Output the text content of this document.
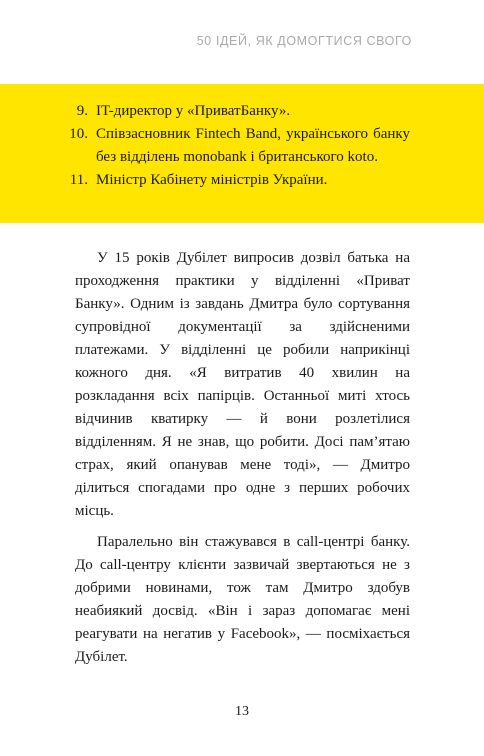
50 ІДЕЙ, ЯК ДОМОГТИСЯ СВОГО
9. IT-директор у «ПриватБанку».
10. Співзасновник Fintech Band, українського банку без відділень monobank і британського koto.
11. Міністр Кабінету міністрів України.

У 15 років Дубілет випросив дозвіл батька на проходження практики у відділенні «Приват Банку». Одним із завдань Дмитра було сортування супровідної документації за здійсненими платежами. У відділенні це робили наприкінці кожного дня. «Я витратив 40 хвилин на розкладання всіх папірців. Останньої миті хтось відчинив кватирку — й вони розлетілися відділенням. Я не знав, що робити. Досі пам’ятаю страх, який опанував мене тоді», — Дмитро ділиться спогадами про одне з перших робочих місць.

Паралельно він стажувався в call-центрі банку. До call-центру клієнти зазвичай звертаються не з добрими новинами, тож там Дмитро здобув неабиякий досвід. «Він і зараз допомагає мені реагувати на негатив у Facebook», — посміхається Дубілет.

13
